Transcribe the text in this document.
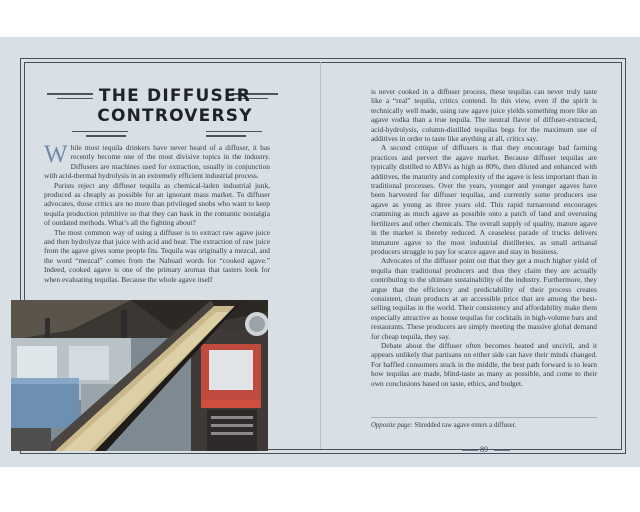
THE DIFFUSER
CONTROVERSY

While most tequila drinkers have never heard of a diffuser, it has recently become one of the most divisive topics in the industry. Diffusers are machines used for extraction, usually in conjunction with acid-thermal hydrolysis in an extremely efficient industrial process.

Purists reject any diffuser tequila as chemical-laden industrial junk, produced as cheaply as possible for an ignorant mass market. To diffuser advocates, those critics are no more than privileged snobs who want to keep tequila production primitive so that they can bask in the romantic nostalgia of outdated methods. What’s all the fighting about?

The most common way of using a diffuser is to extract raw agave juice and then hydrolyze that juice with acid and heat. The extraction of raw juice from the agave gives some people fits. Tequila was originally a mezcal, and the word “mezcal” comes from the Nahuatl words for “cooked agave.” Indeed, cooked agave is one of the primary aromas that tasters look for when evaluating tequilas. Because the whole agave itself

is never cooked in a diffuser process, these tequilas can never truly taste like a “real” tequila, critics contend. In this view, even if the spirit is technically well made, using raw agave juice yields something more like an agave vodka than a true tequila. The neutral flavor of diffuser-extracted, acid-hydrolysis, column-distilled tequilas begs for the maximum use of additives in order to taste like anything at all, critics say.

A second critique of diffusers is that they encourage bad farming practices and pervert the agave market. Because diffuser tequilas are typically distilled to ABVs as high as 80%, then diluted and enhanced with additives, the maturity and complexity of the agave is less important than in traditional processes. Over the years, younger and younger agaves have been harvested for diffuser tequilas, and currently some producers use agave as young as three years old. This rapid turnaround encourages cramming as much agave as possible onto a patch of land and overusing fertilizers and other chemicals. The overall supply of quality, mature agave in the market is thereby reduced. A ceaseless parade of trucks delivers immature agave to the most industrial distilleries, as small artisanal producers struggle to pay for scarce agave and stay in business.

Advocates of the diffuser point out that they get a much higher yield of tequila than traditional producers and thus they claim they are actually contributing to the ultimate sustainability of the industry. Furthermore, they argue that the efficiency and predictability of their process creates consistent, clean products at an accessible price that are among the best-selling tequilas in the world. Their consistency and affordability make them especially attractive as house tequilas for cocktails in high-volume bars and restaurants. These producers are simply meeting the massive global demand for cheap tequila, they say.

Debate about the diffuser often becomes heated and uncivil, and it appears unlikely that partisans on either side can have their minds changed. For baffled consumers stuck in the middle, the best path forward is to learn how tequilas are made, blind-taste as many as possible, and come to their own conclusions based on taste, ethics, and budget.

Opposite page: Shredded raw agave enters a diffuser.
89
